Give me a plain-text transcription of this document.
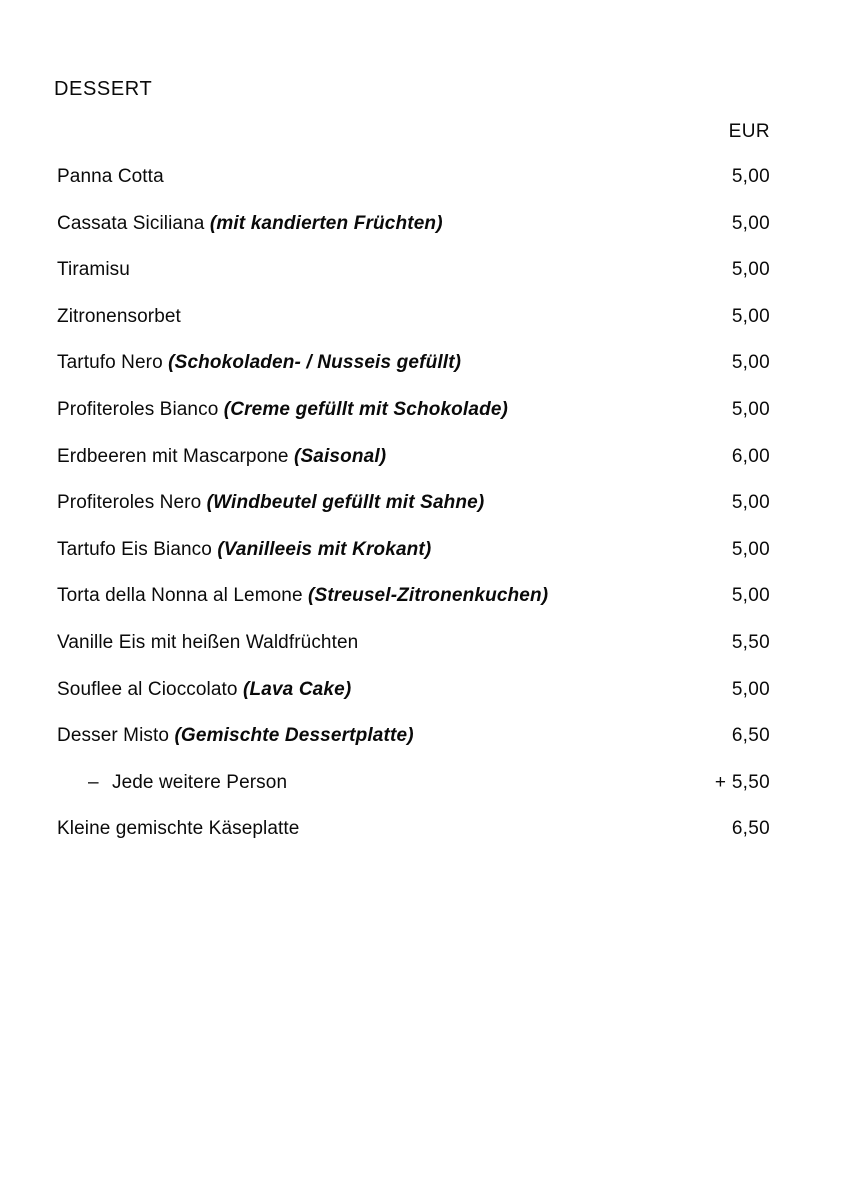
DESSERT
EUR
Panna Cotta	5,00
Cassata Siciliana (mit kandierten Früchten)	5,00
Tiramisu	5,00
Zitronensorbet	5,00
Tartufo Nero (Schokoladen- / Nusseis gefüllt)	5,00
Profiteroles Bianco (Creme gefüllt mit Schokolade)	5,00
Erdbeeren mit Mascarpone (Saisonal)	6,00
Profiteroles Nero (Windbeutel gefüllt mit Sahne)	5,00
Tartufo Eis Bianco (Vanilleeis mit Krokant)	5,00
Torta della Nonna al Lemone (Streusel-Zitronenkuchen)	5,00
Vanille Eis mit heißen Waldfrüchten	5,50
Souflee al Cioccolato (Lava Cake)	5,00
Desser Misto (Gemischte Dessertplatte)	6,50
– Jede weitere Person	+ 5,50
Kleine gemischte Käseplatte	6,50
